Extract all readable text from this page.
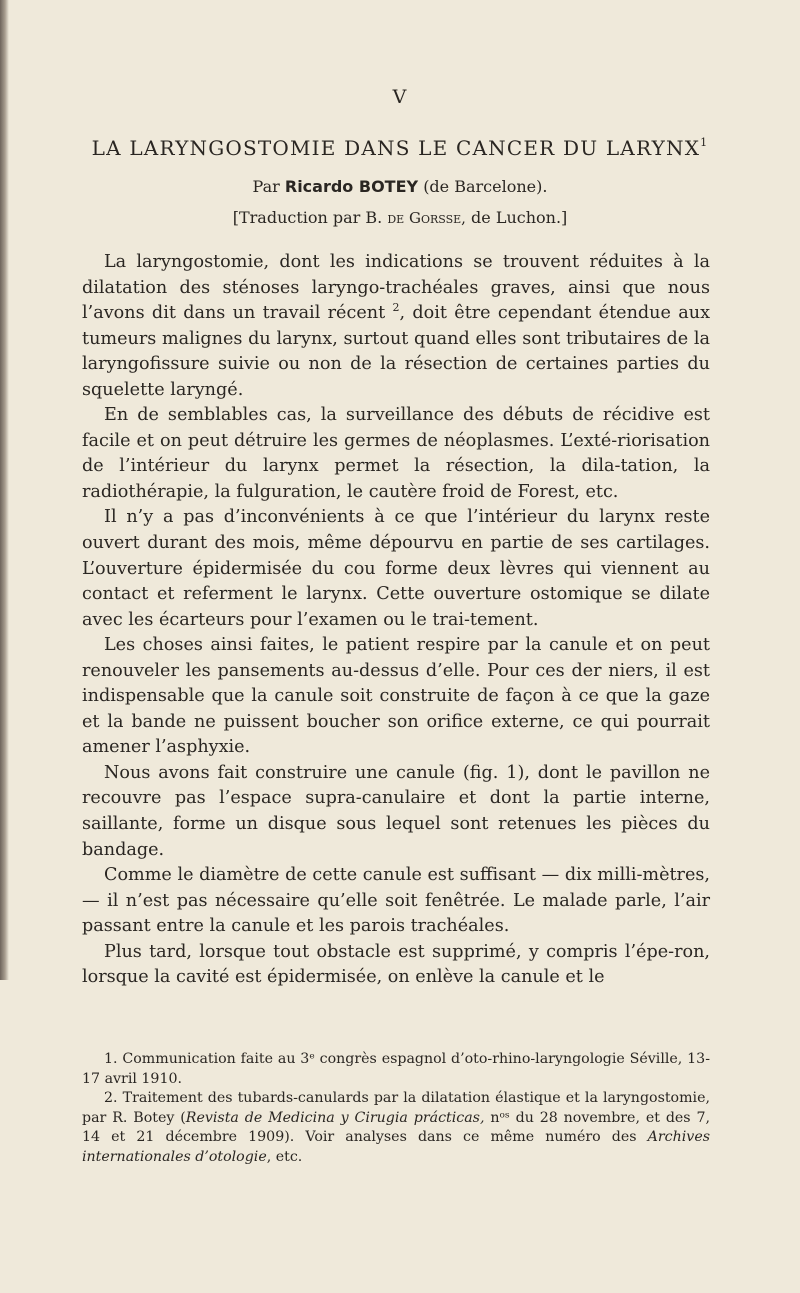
V
LA LARYNGOSTOMIE DANS LE CANCER DU LARYNX$^1$
Par Ricardo BOTEY (de Barcelone).
[Traduction par B. de Gorsse, de Luchon.]

La laryngostomie, dont les indications se trouvent réduites à la dilatation des sténoses laryngo-trachéales graves, ainsi que nous l’avons dit dans un travail récent $^2$, doit être cependant étendue aux tumeurs malignes du larynx, surtout quand elles sont tributaires de la laryngofissure suivie ou non de la résection de certaines parties du squelette laryngé.

En de semblables cas, la surveillance des débuts de récidive est facile et on peut détruire les germes de néoplasmes. L’exté-riorisation de l’intérieur du larynx permet la résection, la dila-tation, la radiothérapie, la fulguration, le cautère froid de Forest, etc.

Il n’y a pas d’inconvénients à ce que l’intérieur du larynx reste ouvert durant des mois, même dépourvu en partie de ses cartilages. L’ouverture épidermisée du cou forme deux lèvres qui viennent au contact et referment le larynx. Cette ouverture ostomique se dilate avec les écarteurs pour l’examen ou le trai-tement.

Les choses ainsi faites, le patient respire par la canule et on peut renouveler les pansements au-dessus d’elle. Pour ces der niers, il est indispensable que la canule soit construite de façon à ce que la gaze et la bande ne puissent boucher son orifice externe, ce qui pourrait amener l’asphyxie.

Nous avons fait construire une canule (fig. 1), dont le pavillon ne recouvre pas l’espace supra-canulaire et dont la partie interne, saillante, forme un disque sous lequel sont retenues les pièces du bandage.

Comme le diamètre de cette canule est suffisant — dix milli-mètres, — il n’est pas nécessaire qu’elle soit fenêtrée. Le malade parle, l’air passant entre la canule et les parois trachéales.

Plus tard, lorsque tout obstacle est supprimé, y compris l’épe-ron, lorsque la cavité est épidermisée, on enlève la canule et le

1. Communication faite au 3ᵉ congrès espagnol d’oto-rhino-laryngologie Séville, 13-17 avril 1910.

2. Traitement des tubards-canulards par la dilatation élastique et la laryngostomie, par R. Botey (Revista de Medicina y Cirugia prácticas, nᵒˢ du 28 novembre, et des 7, 14 et 21 décembre 1909). Voir analyses dans ce même numéro des Archives internationales d’otologie, etc.
